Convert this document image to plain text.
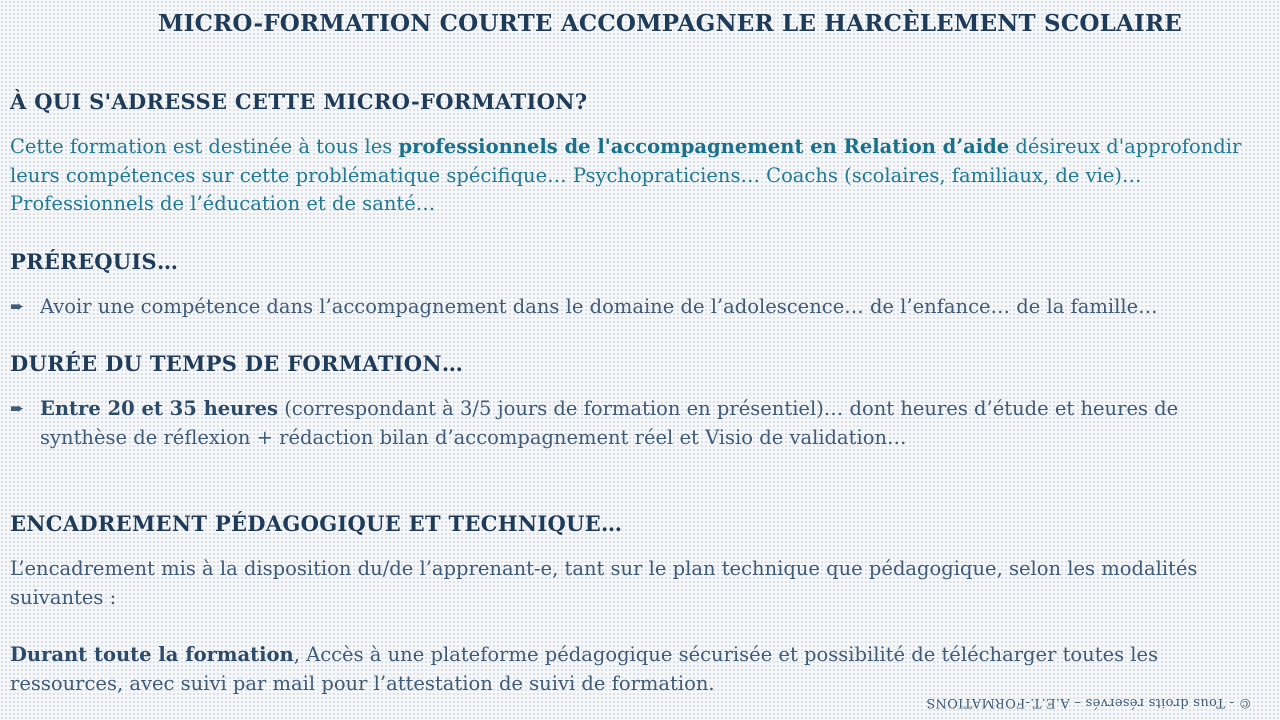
MICRO-FORMATION COURTE ACCOMPAGNER LE HARCÈLEMENT SCOLAIRE
À QUI S'ADRESSE CETTE MICRO-FORMATION?

Cette formation est destinée à tous les professionnels de l'accompagnement en Relation d’aide désireux d'approfondir leurs compétences sur cette problématique spécifique… Psychopraticiens… Coachs (scolaires, familiaux, de vie)… Professionnels de l’éducation et de santé…

PRÉREQUIS…
➨ Avoir une compétence dans l’accompagnement dans le domaine de l’adolescence… de l’enfance… de la famille…
DURÉE DU TEMPS DE FORMATION…
➨ Entre 20 et 35 heures (correspondant à 3/5 jours de formation en présentiel)… dont heures d’étude et heures de synthèse de réflexion + rédaction bilan d’accompagnement réel et Visio de validation…
ENCADREMENT PÉDAGOGIQUE ET TECHNIQUE…

L’encadrement mis à la disposition du/de l’apprenant-e, tant sur le plan technique que pédagogique, selon les modalités suivantes :

Durant toute la formation, Accès à une plateforme pédagogique sécurisée et possibilité de télécharger toutes les ressources, avec suivi par mail pour l’attestation de suivi de formation.

© - Tous droits réservés – A.E.T.-FORMATIONS
